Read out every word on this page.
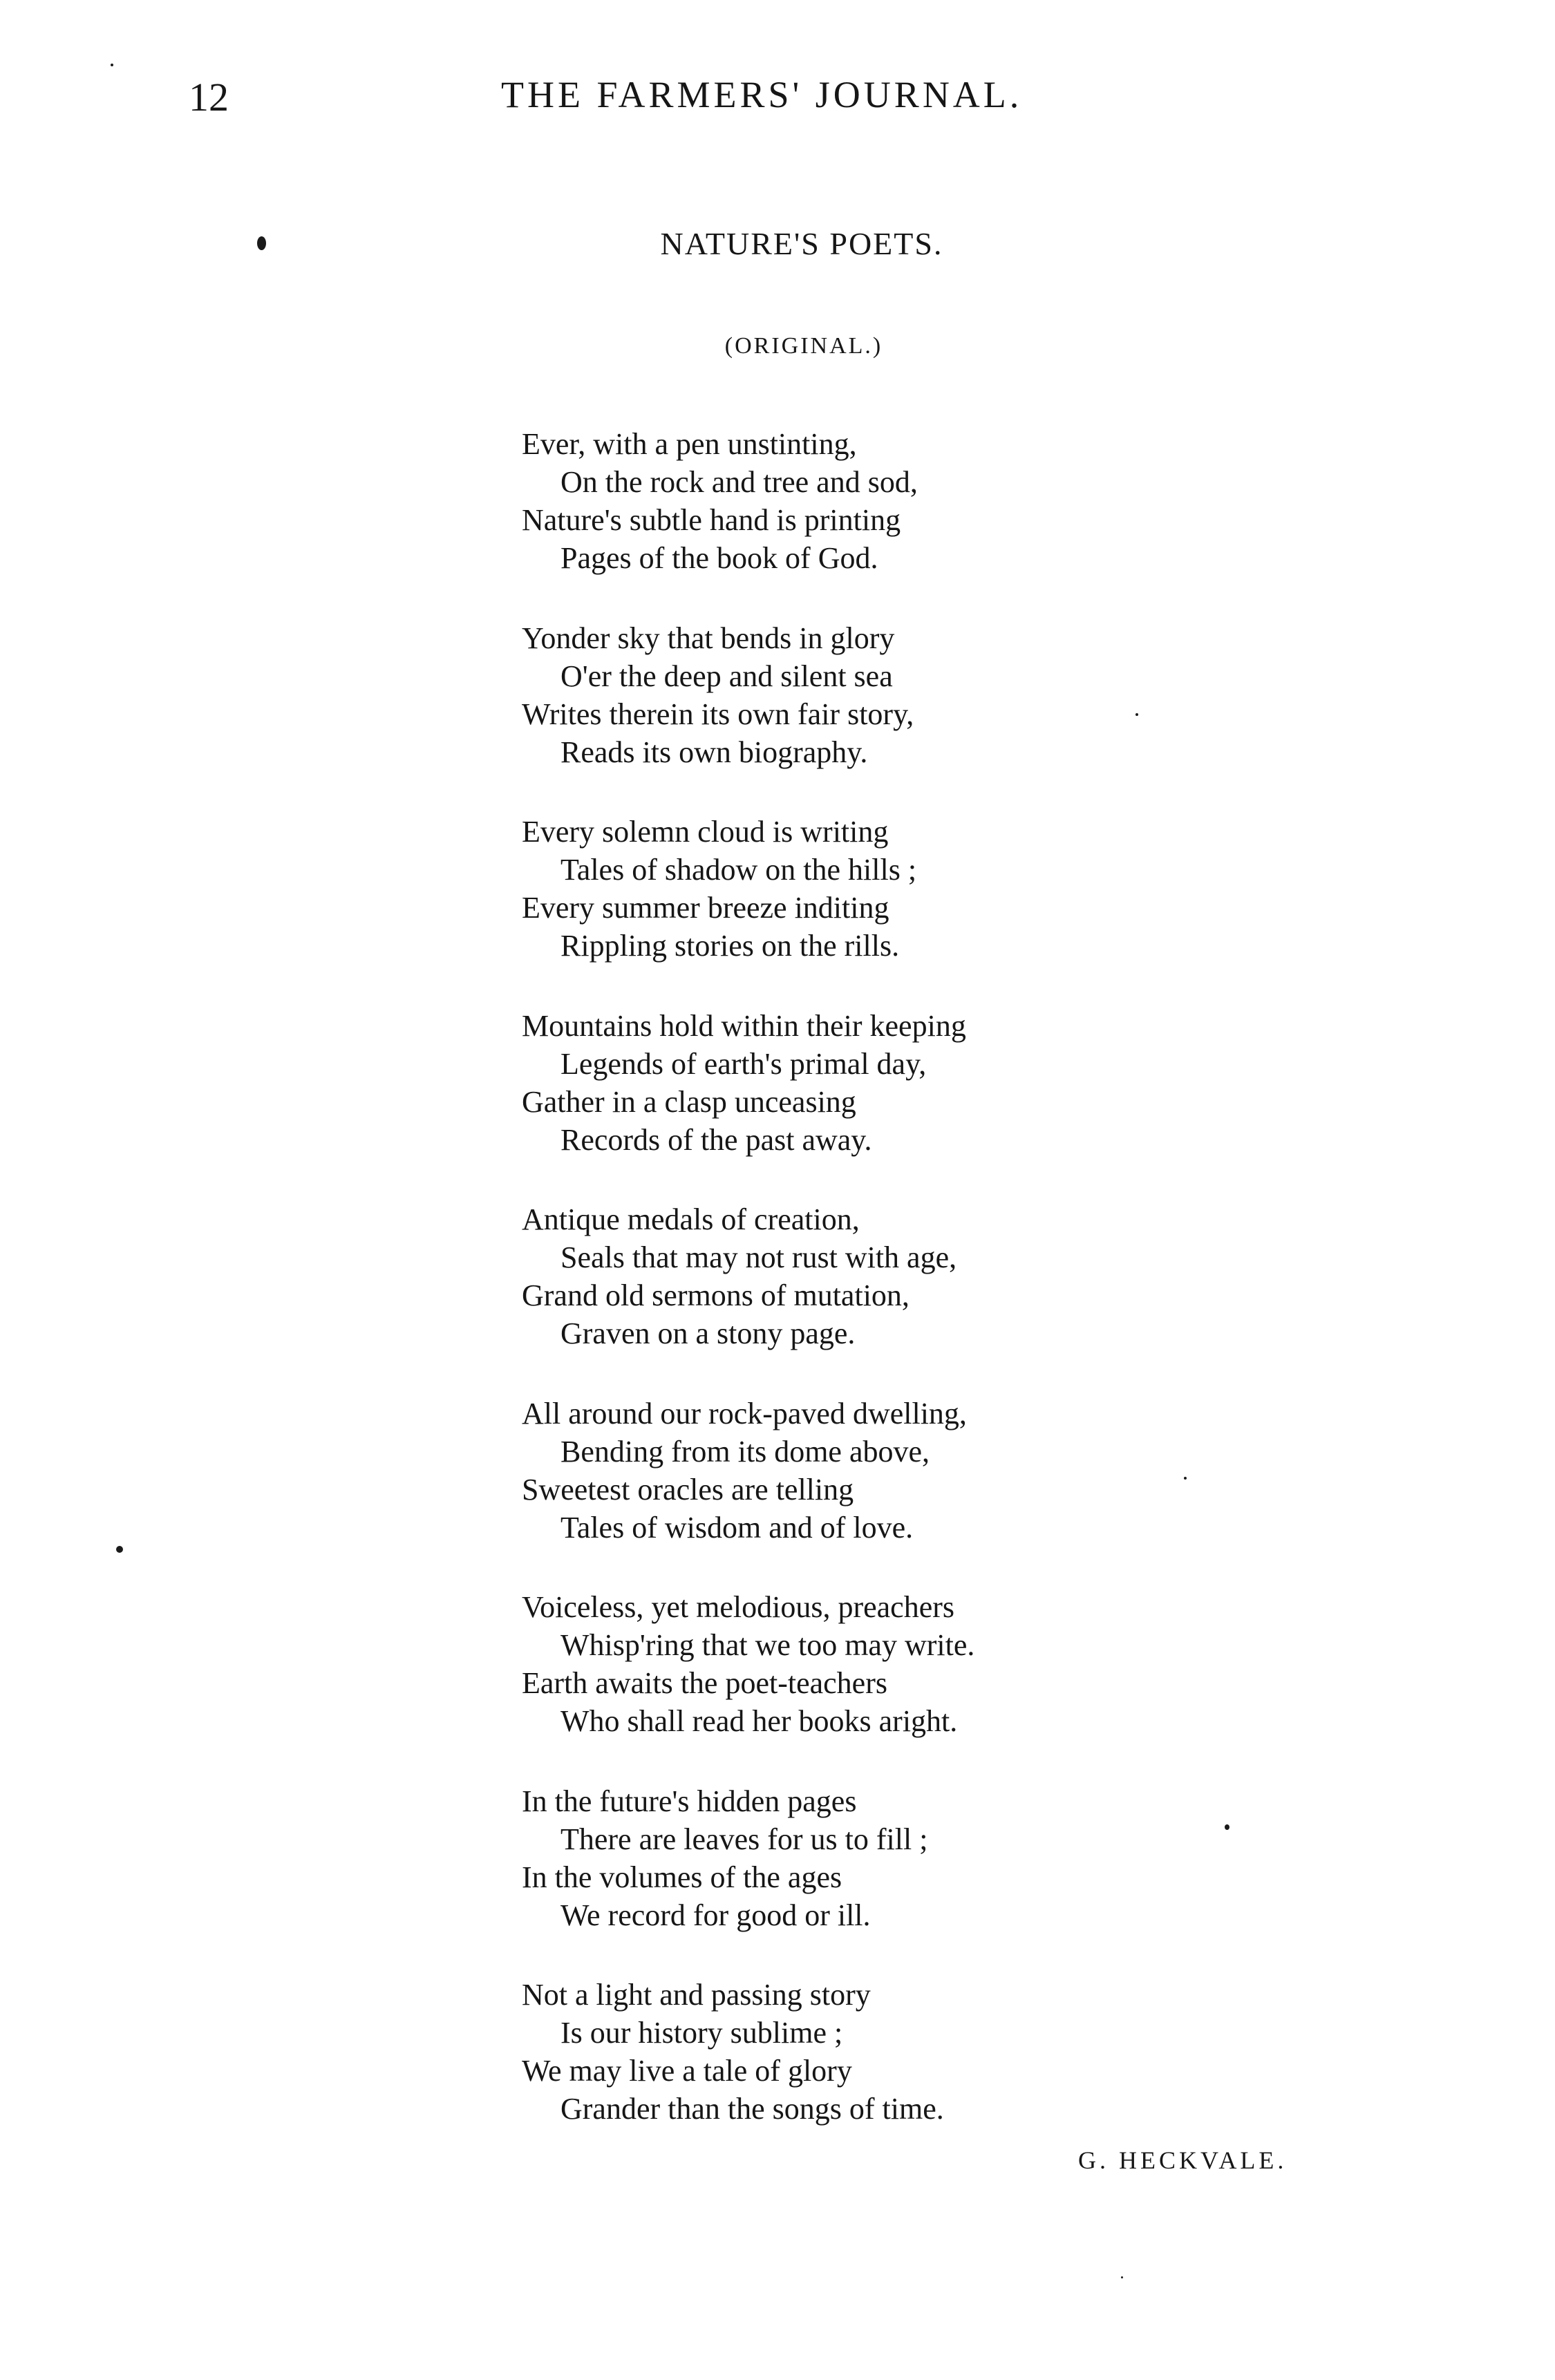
12	THE FARMERS' JOURNAL.
NATURE'S POETS.
(ORIGINAL.)
Ever, with a pen unstinting,
On the rock and tree and sod,
Nature's subtle hand is printing
Pages of the book of God.
Yonder sky that bends in glory
O'er the deep and silent sea
Writes therein its own fair story,
Reads its own biography.
Every solemn cloud is writing
Tales of shadow on the hills ;
Every summer breeze inditing
Rippling stories on the rills.
Mountains hold within their keeping
Legends of earth's primal day,
Gather in a clasp unceasing
Records of the past away.
Antique medals of creation,
Seals that may not rust with age,
Grand old sermons of mutation,
Graven on a stony page.
All around our rock-paved dwelling,
Bending from its dome above,
Sweetest oracles are telling
Tales of wisdom and of love.
Voiceless, yet melodious, preachers
Whisp'ring that we too may write.
Earth awaits the poet-teachers
Who shall read her books aright.
In the future's hidden pages
There are leaves for us to fill ;
In the volumes of the ages
We record for good or ill.
Not a light and passing story
Is our history sublime ;
We may live a tale of glory
Grander than the songs of time.
G. HECKVALE.
